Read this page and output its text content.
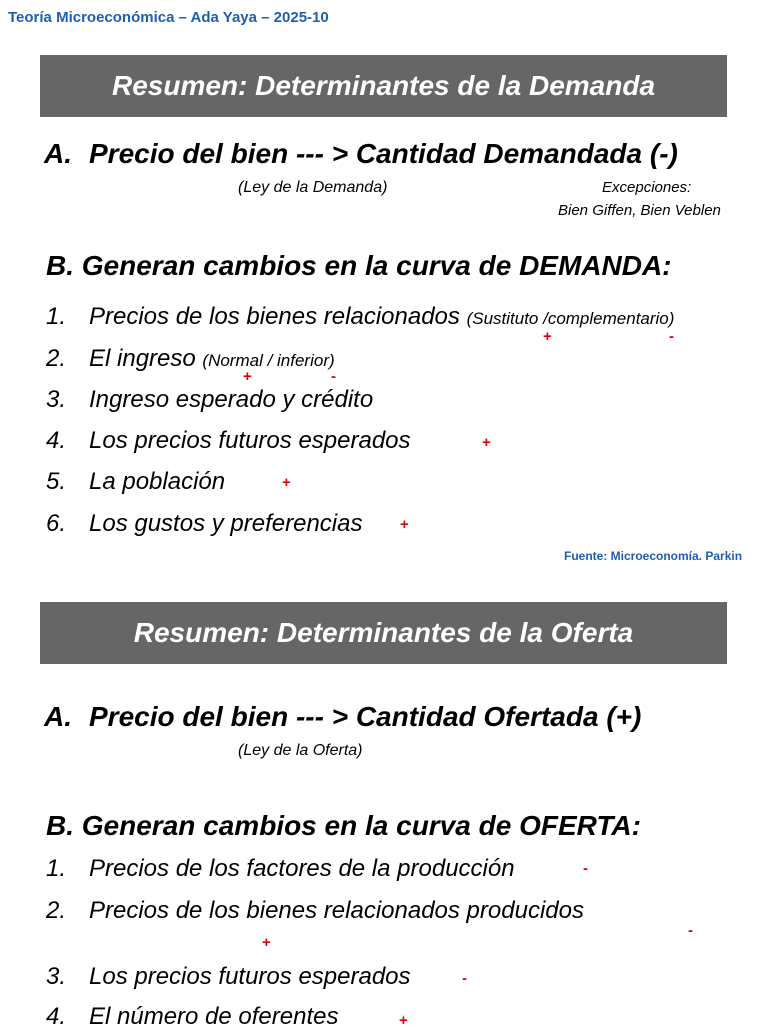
Teoría Microeconómica – Ada Yaya – 2025-10
Resumen: Determinantes de la Demanda
A. Precio del bien --- > Cantidad Demandada (-)
(Ley de la Demanda)	Excepciones:
Bien Giffen, Bien Veblen
B. Generan cambios en la curva de DEMANDA:
1. Precios de los bienes relacionados (Sustituto /complementario)
2. El ingreso (Normal / inferior)
3. Ingreso esperado y crédito
4. Los precios futuros esperados
5. La población
6. Los gustos y preferencias
+	-
+	-
+
+
+
Fuente: Microeconomía. Parkin
Resumen: Determinantes de la Oferta
A. Precio del bien --- > Cantidad Ofertada (+)
(Ley de la Oferta)
B. Generan cambios en la curva de OFERTA:
1. Precios de los factores de la producción
2. Precios de los bienes relacionados producidos
3. Los precios futuros esperados
4. El número de oferentes
-
+
-
-
+
